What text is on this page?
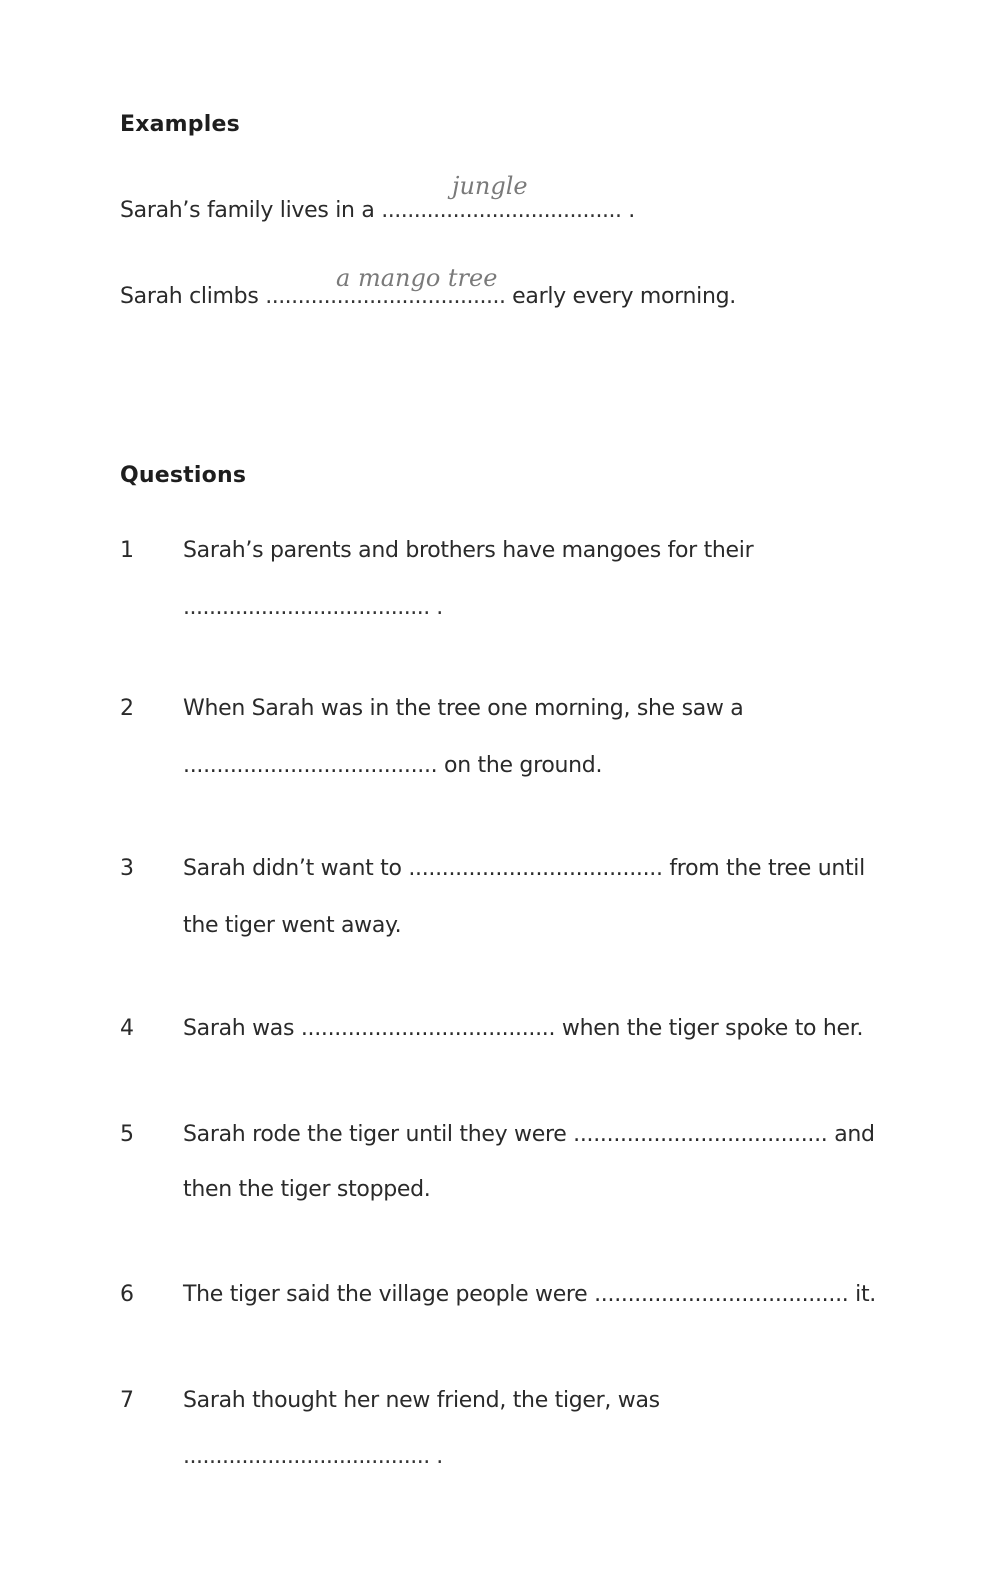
Examples
Sarah’s family lives in a ..................................... .
jungle
Sarah climbs ..................................... early every morning.
a mango tree
Questions
1 Sarah’s parents and brothers have mangoes for their
...................................... .
2 When Sarah was in the tree one morning, she saw a
...................................... on the ground.
3 Sarah didn’t want to ...................................... from the tree until
the tiger went away.
4 Sarah was ...................................... when the tiger spoke to her.
5 Sarah rode the tiger until they were ...................................... and
then the tiger stopped.
6 The tiger said the village people were ...................................... it.
7 Sarah thought her new friend, the tiger, was
...................................... .
